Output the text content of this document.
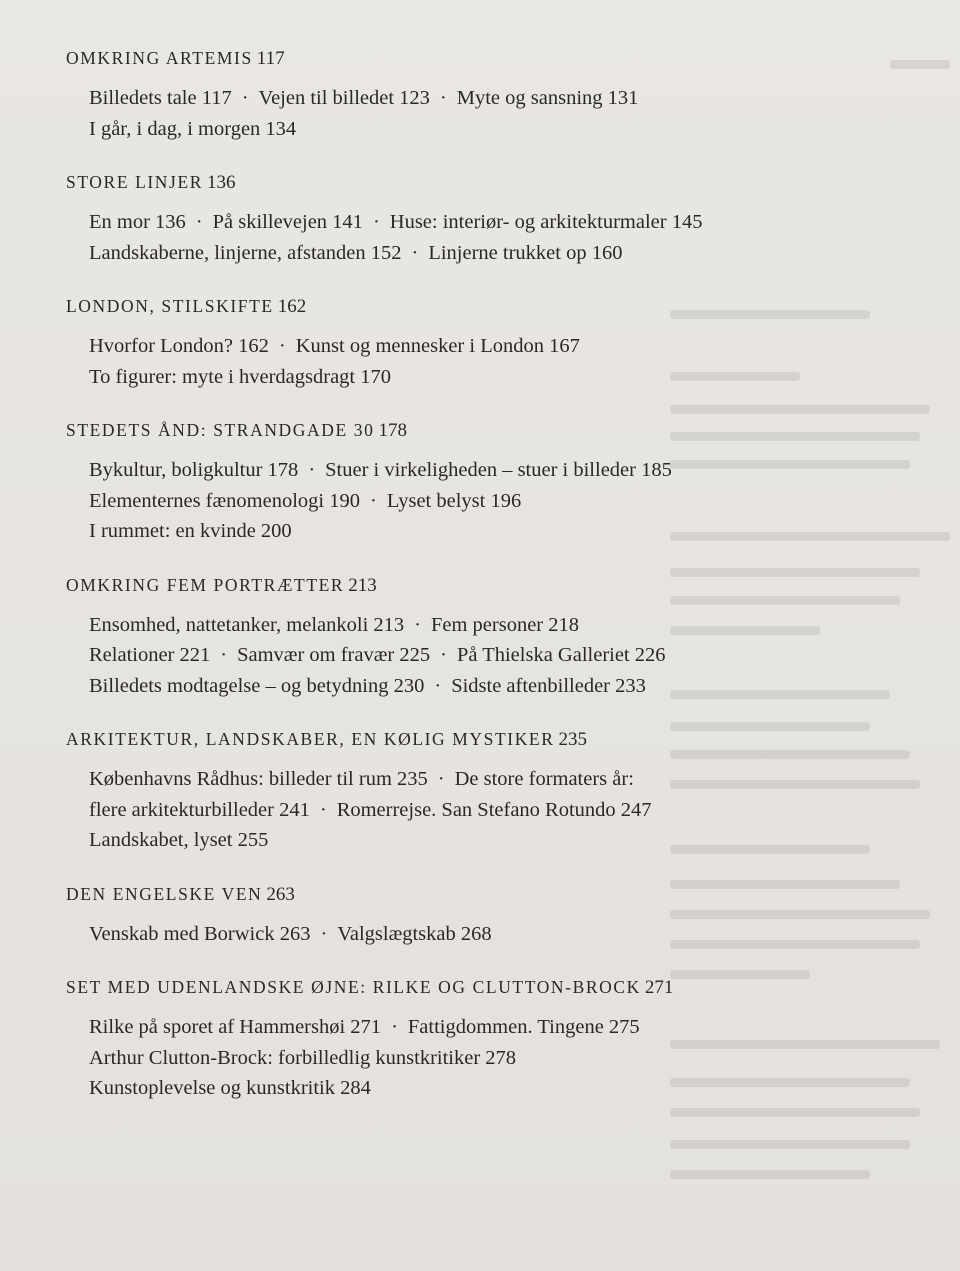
OMKRING ARTEMIS 117
Billedets tale 117 · Vejen til billedet 123 · Myte og sansning 131
I går, i dag, i morgen 134
STORE LINJER 136
En mor 136 · På skillevejen 141 · Huse: interiør- og arkitekturmaler 145
Landskaberne, linjerne, afstanden 152 · Linjerne trukket op 160
LONDON, STILSKIFTE 162
Hvorfor London? 162 · Kunst og mennesker i London 167
To figurer: myte i hverdagsdragt 170
STEDETS ÅND: STRANDGADE 30 178
Bykultur, boligkultur 178 · Stuer i virkeligheden – stuer i billeder 185
Elementernes fænomenologi 190 · Lyset belyst 196
I rummet: en kvinde 200
OMKRING FEM PORTRÆTTER 213
Ensomhed, nattetanker, melankoli 213 · Fem personer 218
Relationer 221 · Samvær om fravær 225 · På Thielska Galleriet 226
Billedets modtagelse – og betydning 230 · Sidste aftenbilleder 233
ARKITEKTUR, LANDSKABER, EN KØLIG MYSTIKER 235
Københavns Rådhus: billeder til rum 235 · De store formaters år:
flere arkitekturbilleder 241 · Romerrejse. San Stefano Rotundo 247
Landskabet, lyset 255
DEN ENGELSKE VEN 263
Venskab med Borwick 263 · Valgslægtskab 268
SET MED UDENLANDSKE ØJNE: RILKE OG CLUTTON-BROCK 271
Rilke på sporet af Hammershøi 271 · Fattigdommen. Tingene 275
Arthur Clutton-Brock: forbilledlig kunstkritiker 278
Kunstoplevelse og kunstkritik 284
